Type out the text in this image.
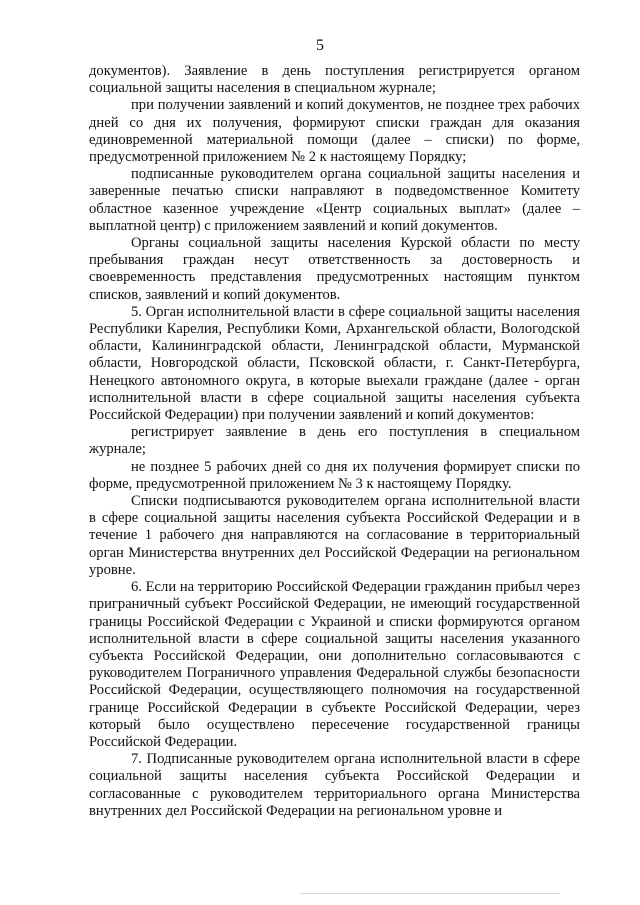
5

документов). Заявление в день поступления регистрируется органом социальной защиты населения в специальном журнале;

при получении заявлений и копий документов, не позднее трех рабочих дней со дня их получения, формируют списки граждан для оказания единовременной материальной помощи (далее – списки) по форме, предусмотренной приложением № 2 к настоящему Порядку;

подписанные руководителем органа социальной защиты населения и заверенные печатью списки направляют в подведомственное Комитету областное казенное учреждение «Центр социальных выплат» (далее – выплатной центр) с приложением заявлений и копий документов.

Органы социальной защиты населения Курской области по месту пребывания граждан несут ответственность за достоверность и своевременность представления предусмотренных настоящим пунктом списков, заявлений и копий документов.

5. Орган исполнительной власти в сфере социальной защиты населения Республики Карелия, Республики Коми, Архангельской области, Вологодской области, Калининградской области, Ленинградской области, Мурманской области, Новгородской области, Псковской области, г. Санкт-Петербурга, Ненецкого автономного округа, в которые выехали граждане (далее - орган исполнительной власти в сфере социальной защиты населения субъекта Российской Федерации) при получении заявлений и копий документов:

регистрирует заявление в день его поступления в специальном журнале;

не позднее 5 рабочих дней со дня их получения формирует списки по форме, предусмотренной приложением № 3 к настоящему Порядку.

Списки подписываются руководителем органа исполнительной власти в сфере социальной защиты населения субъекта Российской Федерации и в течение 1 рабочего дня направляются на согласование в территориальный орган Министерства внутренних дел Российской Федерации на региональном уровне.

6. Если на территорию Российской Федерации гражданин прибыл через приграничный субъект Российской Федерации, не имеющий государственной границы Российской Федерации с Украиной и списки формируются органом исполнительной власти в сфере социальной защиты населения указанного субъекта Российской Федерации, они дополнительно согласовываются с руководителем Пограничного управления Федеральной службы безопасности Российской Федерации, осуществляющего полномочия на государственной границе Российской Федерации в субъекте Российской Федерации, через который было осуществлено пересечение государственной границы Российской Федерации.

7. Подписанные руководителем органа исполнительной власти в сфере социальной защиты населения субъекта Российской Федерации и согласованные с руководителем территориального органа Министерства внутренних дел Российской Федерации на региональном уровне и
